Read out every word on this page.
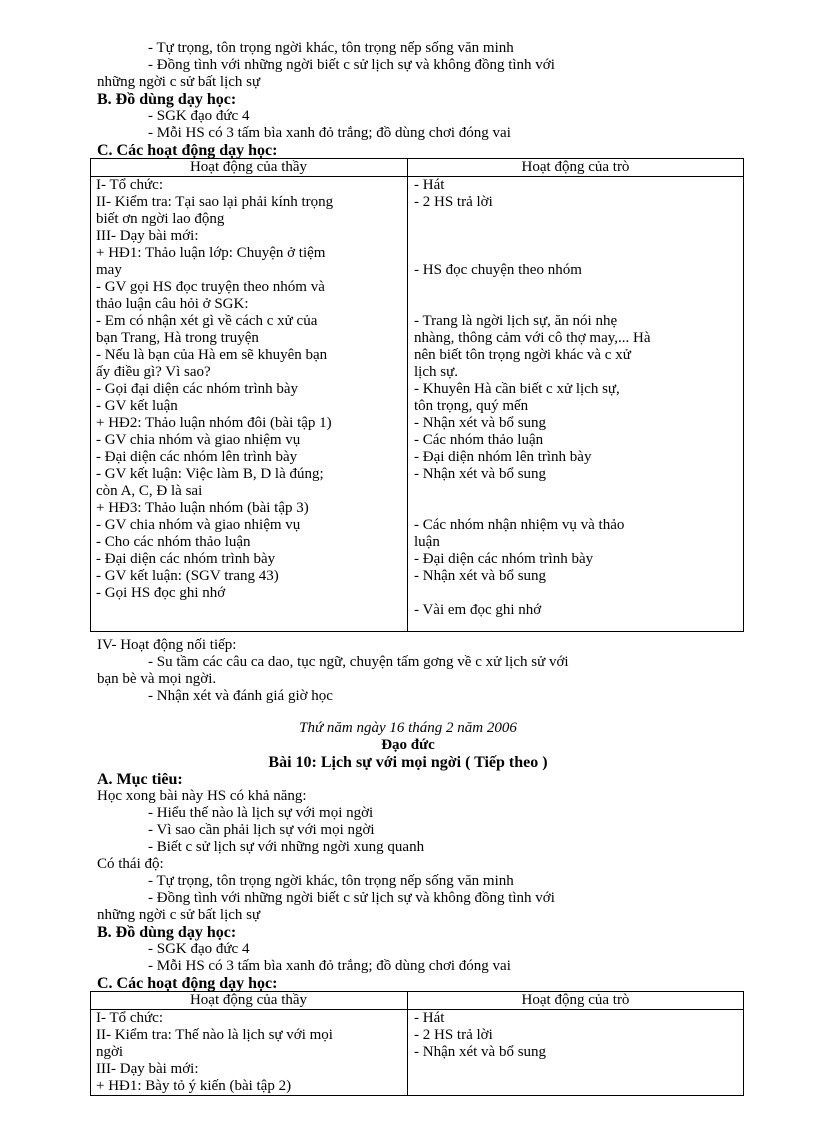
- Tự trọng, tôn trọng ngời khác, tôn trọng nếp sống văn minh
- Đồng tình với những ngời biết c sử lịch sự và không đồng tình với
những ngời c sử bất lịch sự
B. Đồ dùng dạy học:
- SGK đạo đức 4
- Mỗi HS có 3 tấm bìa xanh đỏ trắng; đồ dùng chơi đóng vai
C. Các hoạt động dạy học:
Hoạt động của thầy	Hoạt động của trò
I- Tổ chức:
II- Kiểm tra: Tại sao lại phải kính trọng
biết ơn ngời lao động
III- Dạy bài mới:
+ HĐ1: Thảo luận lớp: Chuyện ở tiệm
may
- GV gọi HS đọc truyện theo nhóm và
thảo luận câu hỏi ở SGK:
- Em có nhận xét gì về cách c xử của
bạn Trang, Hà trong truyện
- Nếu là bạn của Hà em sẽ khuyên bạn
ấy điều gì? Vì sao?
- Gọi đại diện các nhóm trình bày
- GV kết luận
+ HĐ2: Thảo luận nhóm đôi (bài tập 1)
- GV chia nhóm và giao nhiệm vụ
- Đại diện các nhóm lên trình bày
- GV kết luận: Việc làm B, D là đúng;
còn A, C, Đ là sai
+ HĐ3: Thảo luận nhóm (bài tập 3)
- GV chia nhóm và giao nhiệm vụ
- Cho các nhóm thảo luận
- Đại diện các nhóm trình bày
- GV kết luận: (SGV trang 43)
- Gọi HS đọc ghi nhớ
- Hát
- 2 HS trả lời
- HS đọc chuyện theo nhóm
- Trang là ngời lịch sự, ăn nói nhẹ
nhàng, thông cảm với cô thợ may,... Hà
nên biết tôn trọng ngời khác và c xử
lịch sự.
- Khuyên Hà cần biết c xử lịch sự,
tôn trọng, quý mến
- Nhận xét và bổ sung
- Các nhóm thảo luận
- Đại diện nhóm lên trình bày
- Nhận xét và bổ sung
- Các nhóm nhận nhiệm vụ và thảo
luận
- Đại diện các nhóm trình bày
- Nhận xét và bổ sung
- Vài em đọc ghi nhớ
IV- Hoạt động nối tiếp:
- Su tầm các câu ca dao, tục ngữ, chuyện tấm gơng về c xử lịch sử với
bạn bè và mọi ngời.
- Nhận xét và đánh giá giờ học
Thứ năm ngày 16 tháng 2 năm 2006
Đạo đức
Bài 10: Lịch sự với mọi ngời ( Tiếp theo )
A. Mục tiêu:
Học xong bài này HS có khả năng:
- Hiểu thế nào là lịch sự với mọi ngời
- Vì sao cần phải lịch sự với mọi ngời
- Biết c sử lịch sự với những ngời xung quanh
Có thái độ:
- Tự trọng, tôn trọng ngời khác, tôn trọng nếp sống văn minh
- Đồng tình với những ngời biết c sử lịch sự và không đồng tình với
những ngời c sử bất lịch sự
B. Đồ dùng dạy học:
- SGK đạo đức 4
- Mỗi HS có 3 tấm bìa xanh đỏ trắng; đồ dùng chơi đóng vai
C. Các hoạt động dạy học:
Hoạt động của thầy	Hoạt động của trò
I- Tổ chức:
II- Kiểm tra: Thế nào là lịch sự với mọi
ngời
III- Dạy bài mới:
+ HĐ1: Bày tỏ ý kiến (bài tập 2)
- Hát
- 2 HS trả lời
- Nhận xét và bổ sung
